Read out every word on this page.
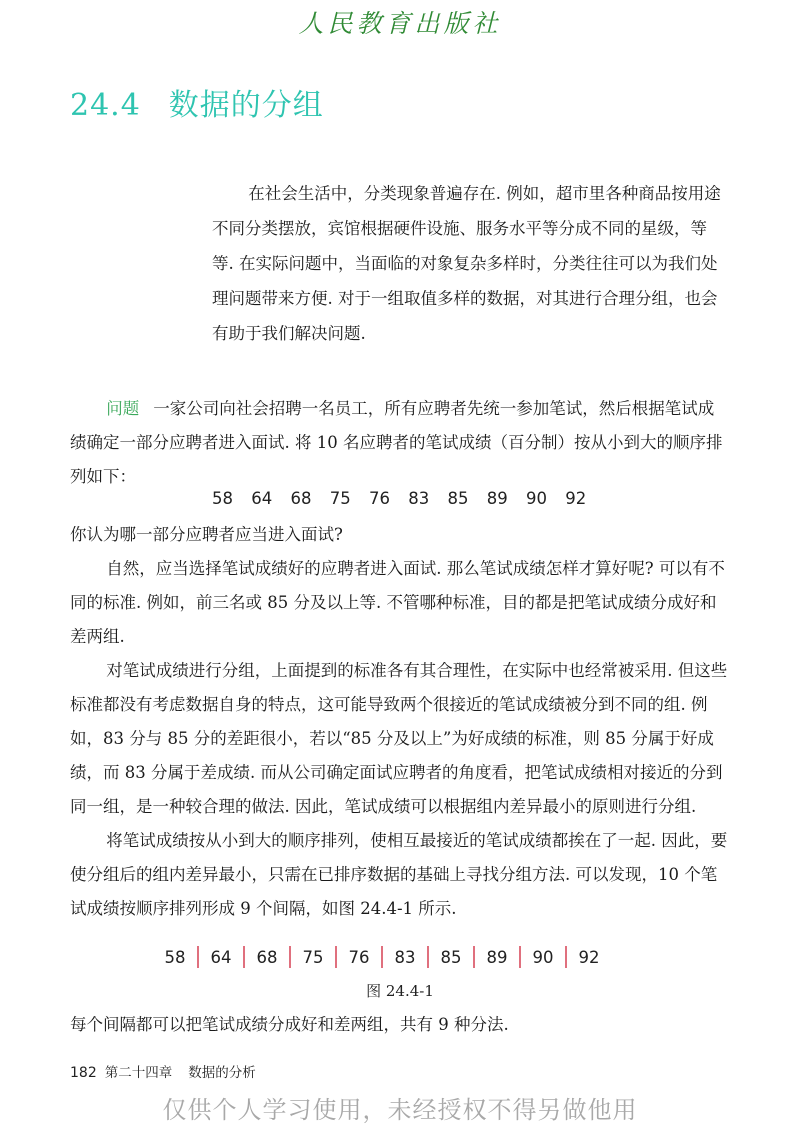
人民教育出版社
24.4 数据的分组

在社会生活中，分类现象普遍存在. 例如，超市里各种商品按用途不同分类摆放，宾馆根据硬件设施、服务水平等分成不同的星级，等等. 在实际问题中，当面临的对象复杂多样时，分类往往可以为我们处理问题带来方便. 对于一组取值多样的数据，对其进行合理分组，也会有助于我们解决问题.

问题 一家公司向社会招聘一名员工，所有应聘者先统一参加笔试，然后根据笔试成绩确定一部分应聘者进入面试. 将 10 名应聘者的笔试成绩（百分制）按从小到大的顺序排列如下：

58 64 68 75 76 83 85 89 90 92

你认为哪一部分应聘者应当进入面试?

自然，应当选择笔试成绩好的应聘者进入面试. 那么笔试成绩怎样才算好呢? 可以有不同的标准. 例如，前三名或 85 分及以上等. 不管哪种标准，目的都是把笔试成绩分成好和差两组.

对笔试成绩进行分组，上面提到的标准各有其合理性，在实际中也经常被采用. 但这些标准都没有考虑数据自身的特点，这可能导致两个很接近的笔试成绩被分到不同的组. 例如，83 分与 85 分的差距很小，若以“85 分及以上”为好成绩的标准，则 85 分属于好成绩，而 83 分属于差成绩. 而从公司确定面试应聘者的角度看，把笔试成绩相对接近的分到同一组，是一种较合理的做法. 因此，笔试成绩可以根据组内差异最小的原则进行分组.

将笔试成绩按从小到大的顺序排列，使相互最接近的笔试成绩都挨在了一起. 因此，要使分组后的组内差异最小，只需在已排序数据的基础上寻找分组方法. 可以发现，10 个笔试成绩按顺序排列形成 9 个间隔，如图 24.4-1 所示.

58 64 68 75 76 83 85 89 90 92
图 24.4-1
每个间隔都可以把笔试成绩分成好和差两组，共有 9 种分法.
182 第二十四章 数据的分析
仅供个人学习使用，未经授权不得另做他用
